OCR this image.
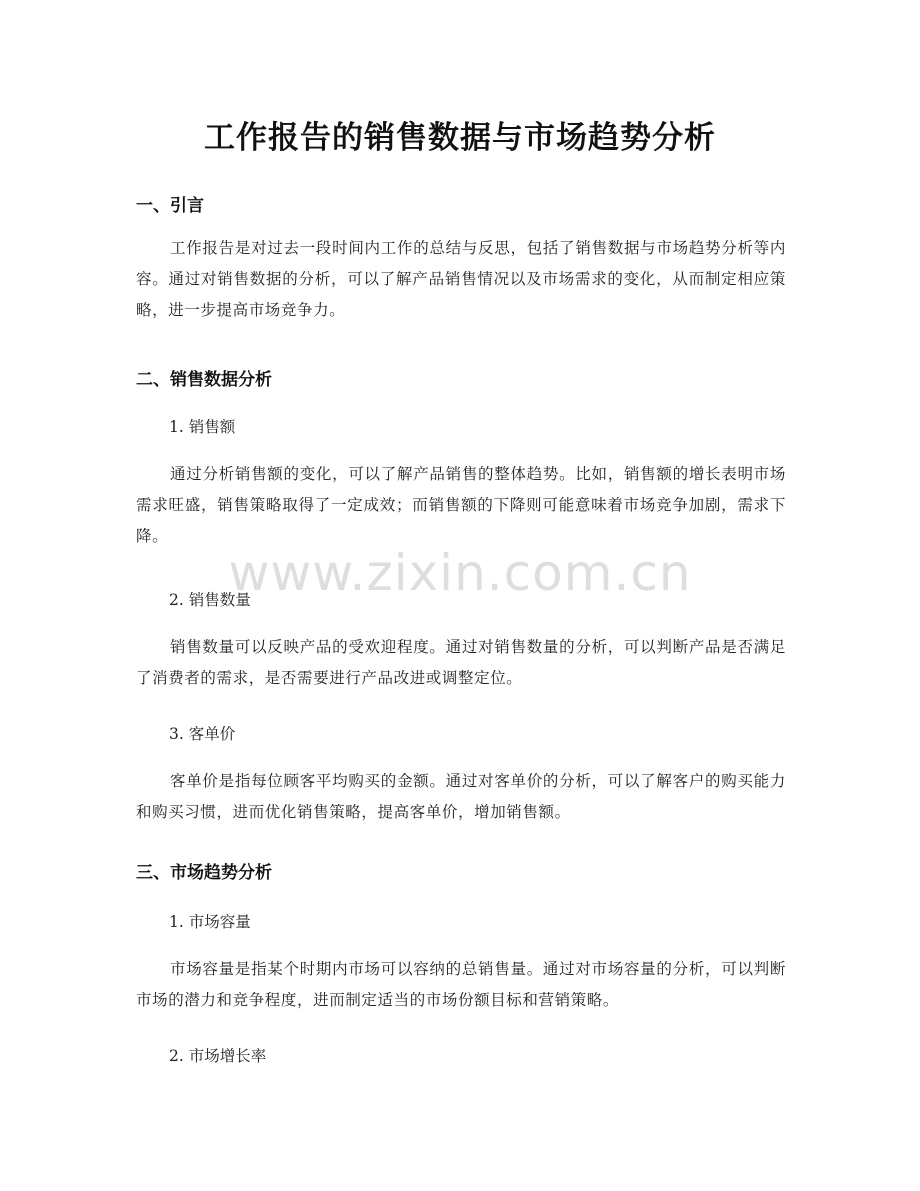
工作报告的销售数据与市场趋势分析
一、引言
工作报告是对过去一段时间内工作的总结与反思，包括了销售数据与市场趋势分析等内容。通过对销售数据的分析，可以了解产品销售情况以及市场需求的变化，从而制定相应策略，进一步提高市场竞争力。
二、销售数据分析
1. 销售额
通过分析销售额的变化，可以了解产品销售的整体趋势。比如，销售额的增长表明市场需求旺盛，销售策略取得了一定成效；而销售额的下降则可能意味着市场竞争加剧，需求下降。
2. 销售数量
销售数量可以反映产品的受欢迎程度。通过对销售数量的分析，可以判断产品是否满足了消费者的需求，是否需要进行产品改进或调整定位。
3. 客单价
客单价是指每位顾客平均购买的金额。通过对客单价的分析，可以了解客户的购买能力和购买习惯，进而优化销售策略，提高客单价，增加销售额。
三、市场趋势分析
1. 市场容量
市场容量是指某个时期内市场可以容纳的总销售量。通过对市场容量的分析，可以判断市场的潜力和竞争程度，进而制定适当的市场份额目标和营销策略。
2. 市场增长率
www.zixin.com.cn
